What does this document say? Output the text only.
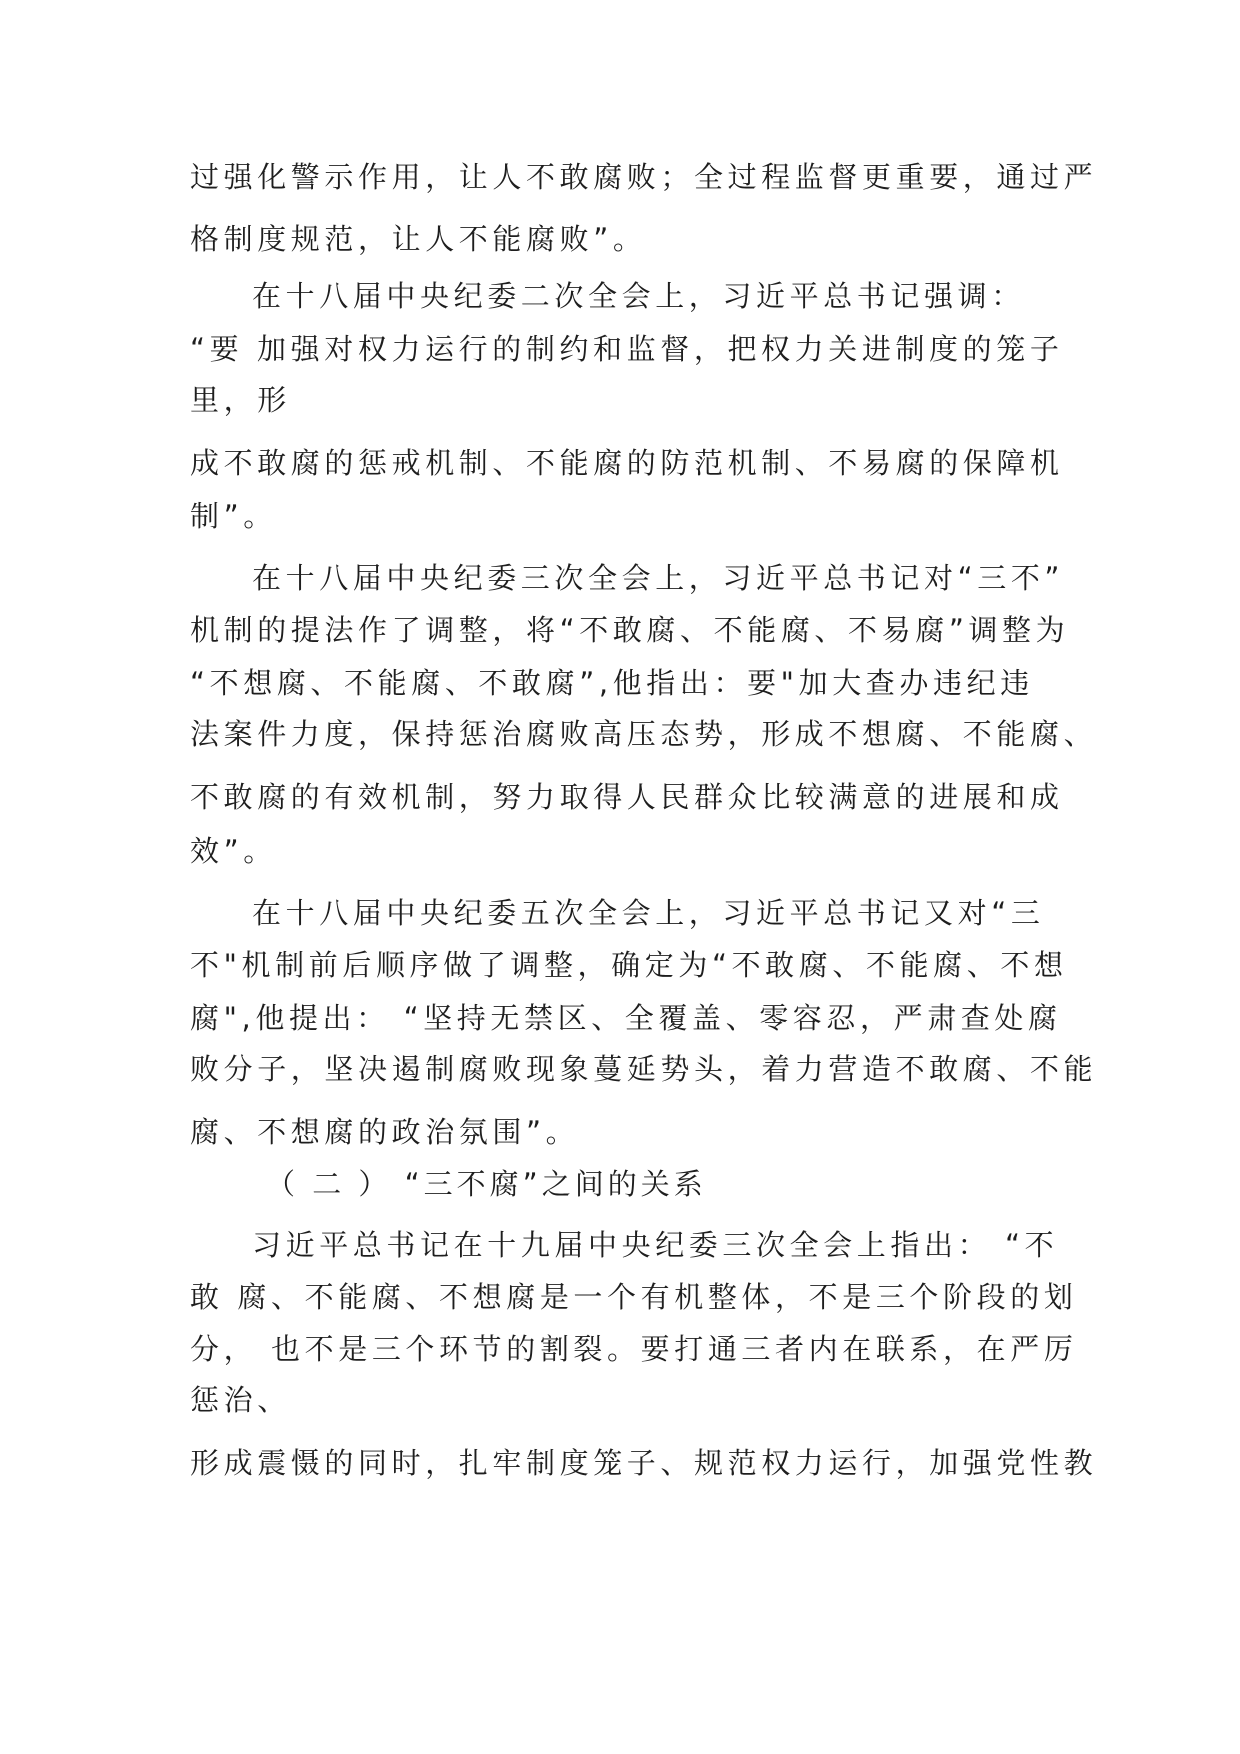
过强化警示作用，让人不敢腐败；全过程监督更重要，通过严
格制度规范，让人不能腐败”。
在十八届中央纪委二次全会上，习近平总书记强调：
“要 加强对权力运行的制约和监督，把权力关进制度的笼子
里，形
成不敢腐的惩戒机制、不能腐的防范机制、不易腐的保障机
制”。
在十八届中央纪委三次全会上，习近平总书记对“三不”
机制的提法作了调整，将“不敢腐、不能腐、不易腐”调整为
“不想腐、不能腐、不敢腐”,他指出：要"加大查办违纪违
法案件力度，保持惩治腐败高压态势，形成不想腐、不能腐、
不敢腐的有效机制，努力取得人民群众比较满意的进展和成
效”。
在十八届中央纪委五次全会上，习近平总书记又对“三
不"机制前后顺序做了调整，确定为“不敢腐、不能腐、不想
腐",他提出： “坚持无禁区、全覆盖、零容忍，严肃查处腐
败分子，坚决遏制腐败现象蔓延势头，着力营造不敢腐、不能
腐、不想腐的政治氛围”。
（ 二 ） “三不腐”之间的关系
习近平总书记在十九届中央纪委三次全会上指出： “不
敢 腐、不能腐、不想腐是一个有机整体，不是三个阶段的划
分， 也不是三个环节的割裂。要打通三者内在联系，在严厉
惩治、
形成震慑的同时，扎牢制度笼子、规范权力运行，加强党性教
